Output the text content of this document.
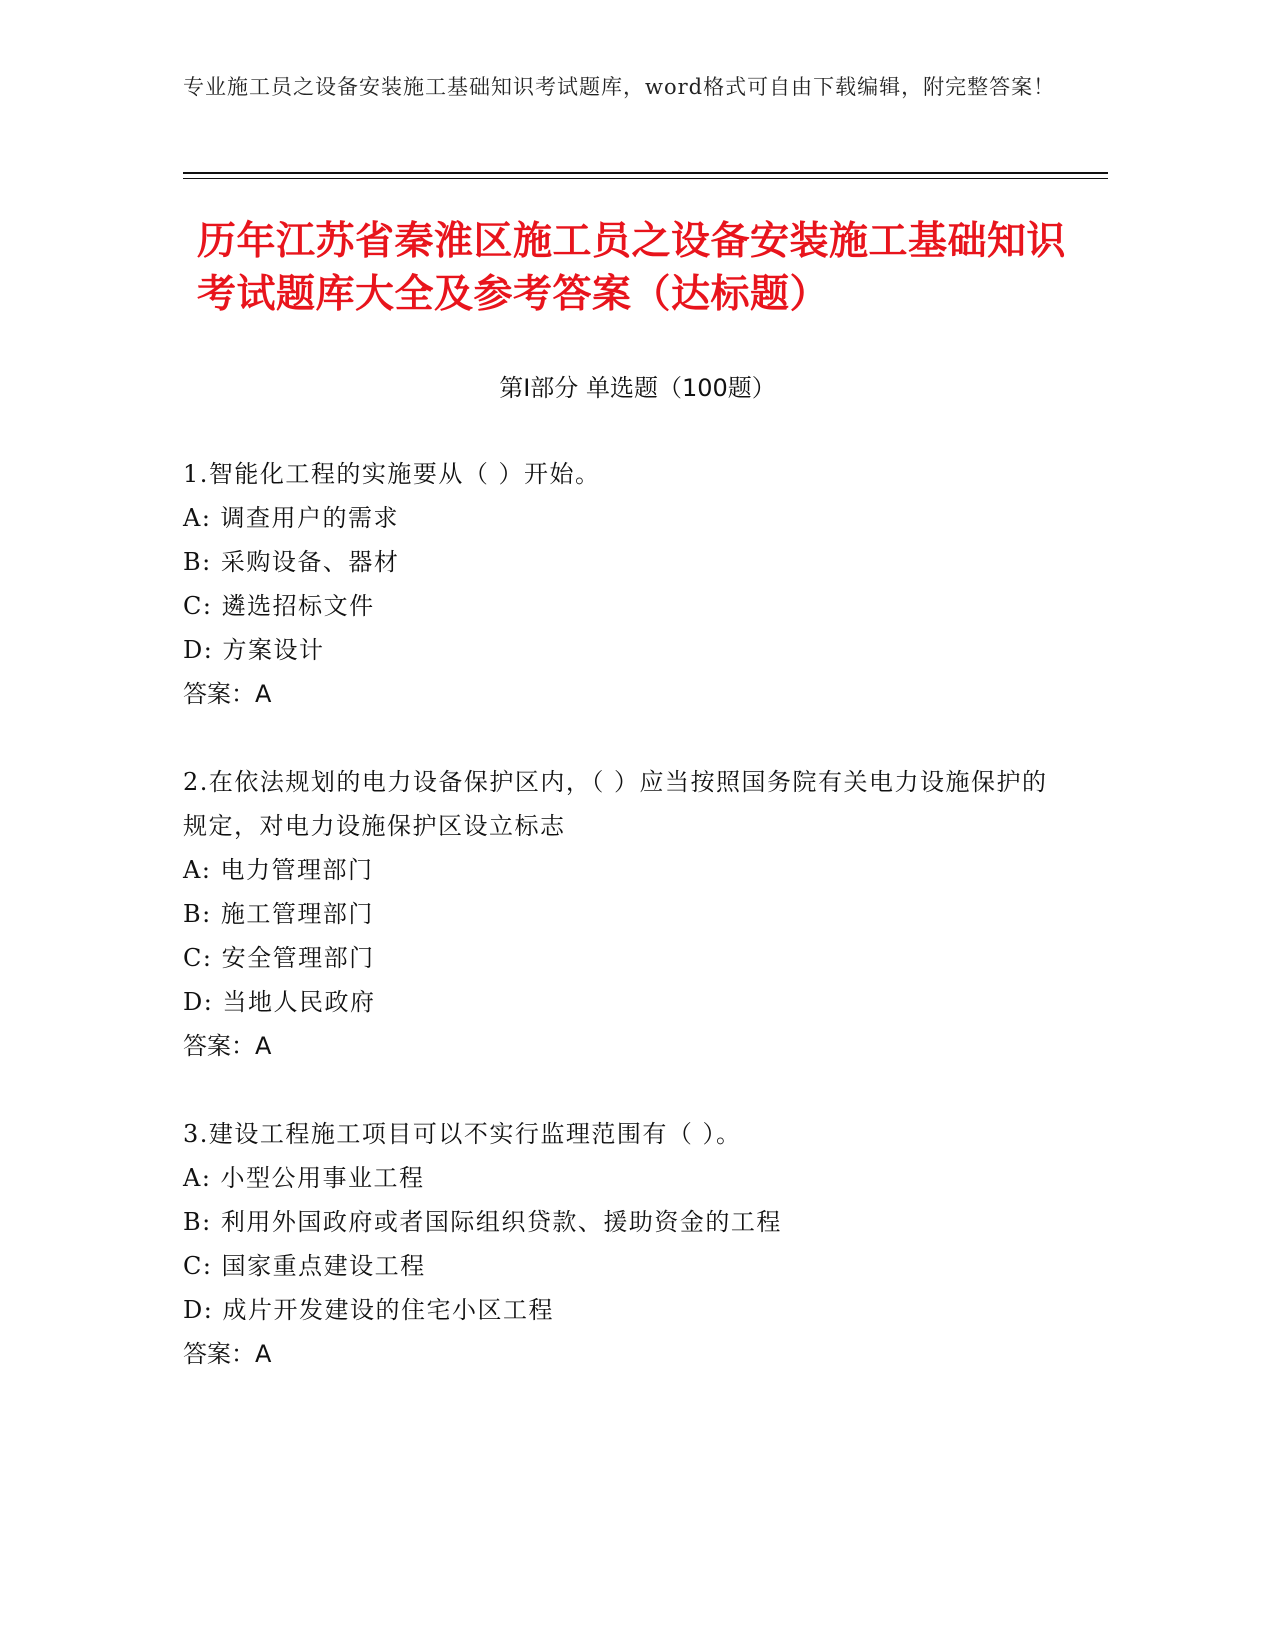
专业施工员之设备安装施工基础知识考试题库，word格式可自由下载编辑，附完整答案！
历年江苏省秦淮区施工员之设备安装施工基础知识考试题库大全及参考答案（达标题）
第Ⅰ部分 单选题（100题）

1.智能化工程的实施要从（ ）开始。

A: 调查用户的需求

B: 采购设备、器材

C: 遴选招标文件

D: 方案设计

答案：A

2.在依法规划的电力设备保护区内，（ ）应当按照国务院有关电力设施保护的规定，对电力设施保护区设立标志

A: 电力管理部门

B: 施工管理部门

C: 安全管理部门

D: 当地人民政府

答案：A

3.建设工程施工项目可以不实行监理范围有（ ）。

A: 小型公用事业工程

B: 利用外国政府或者国际组织贷款、援助资金的工程

C: 国家重点建设工程

D: 成片开发建设的住宅小区工程

答案：A
